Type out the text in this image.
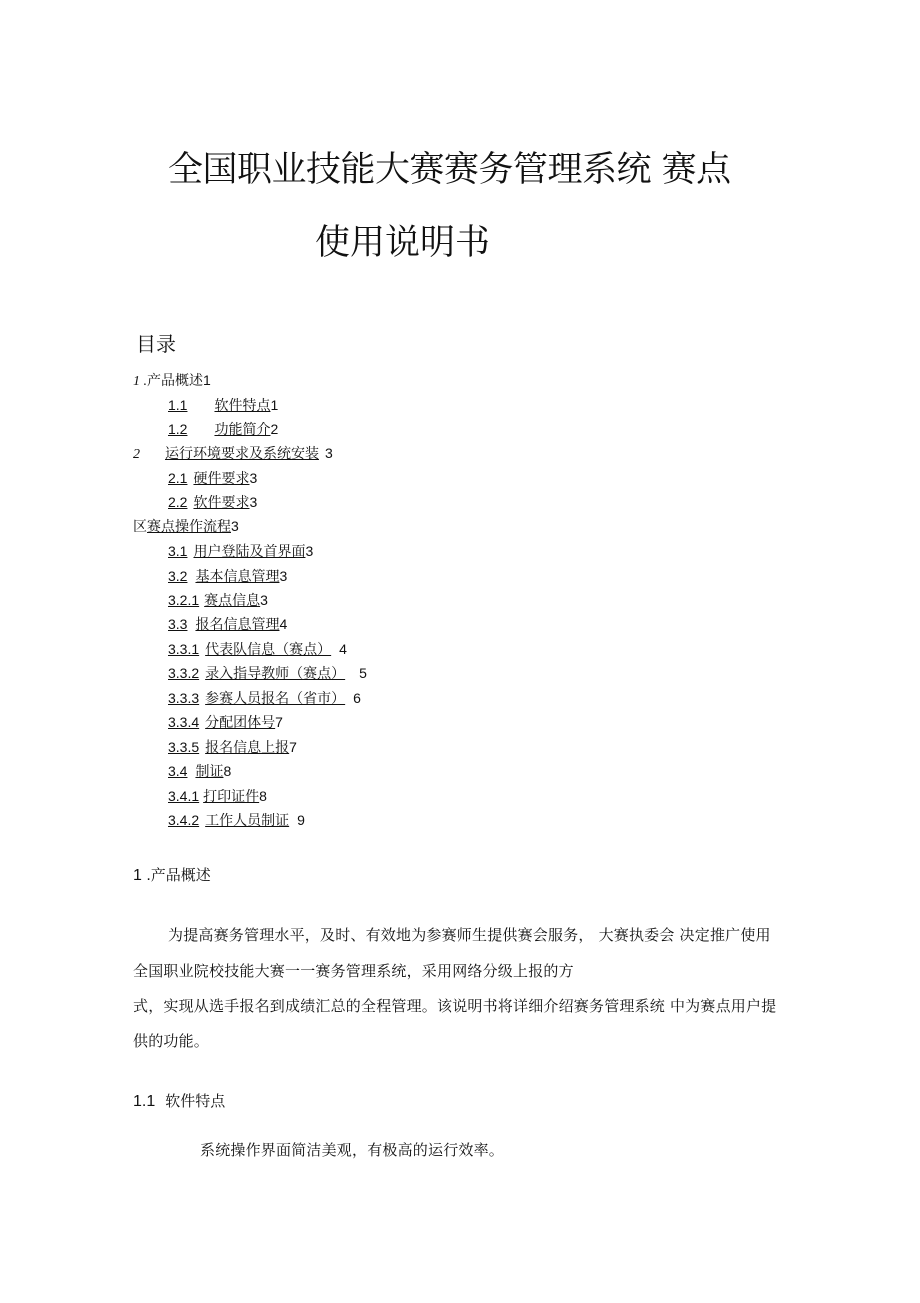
全国职业技能大赛赛务管理系统 赛点
使用说明书
目录
1 .产品概述1
1.1 软件特点1
1.2 功能简介2
2 运行环境要求及系统安装 3
2.1 硬件要求3
2.2 软件要求3
区赛点操作流程3
3.1 用户登陆及首界面3
3.2 基本信息管理3
3.2.1 赛点信息3
3.3 报名信息管理4
3.3.1 代表队信息（赛点） 4
3.3.2 录入指导教师（赛点） 5
3.3.3 参赛人员报名（省市） 6
3.3.4 分配团体号7
3.3.5 报名信息上报7
3.4 制证8
3.4.1 打印证件8
3.4.2 工作人员制证 9
1 .产品概述
为提高赛务管理水平，及时、有效地为参赛师生提供赛会服务， 大赛执委会 决定推广使用
全国职业院校技能大赛一一赛务管理系统，采用网络分级上报的方
式，实现从选手报名到成绩汇总的全程管理。该说明书将详细介绍赛务管理系统 中为赛点用户提
供的功能。
1.1 软件特点
系统操作界面简洁美观，有极高的运行效率。
